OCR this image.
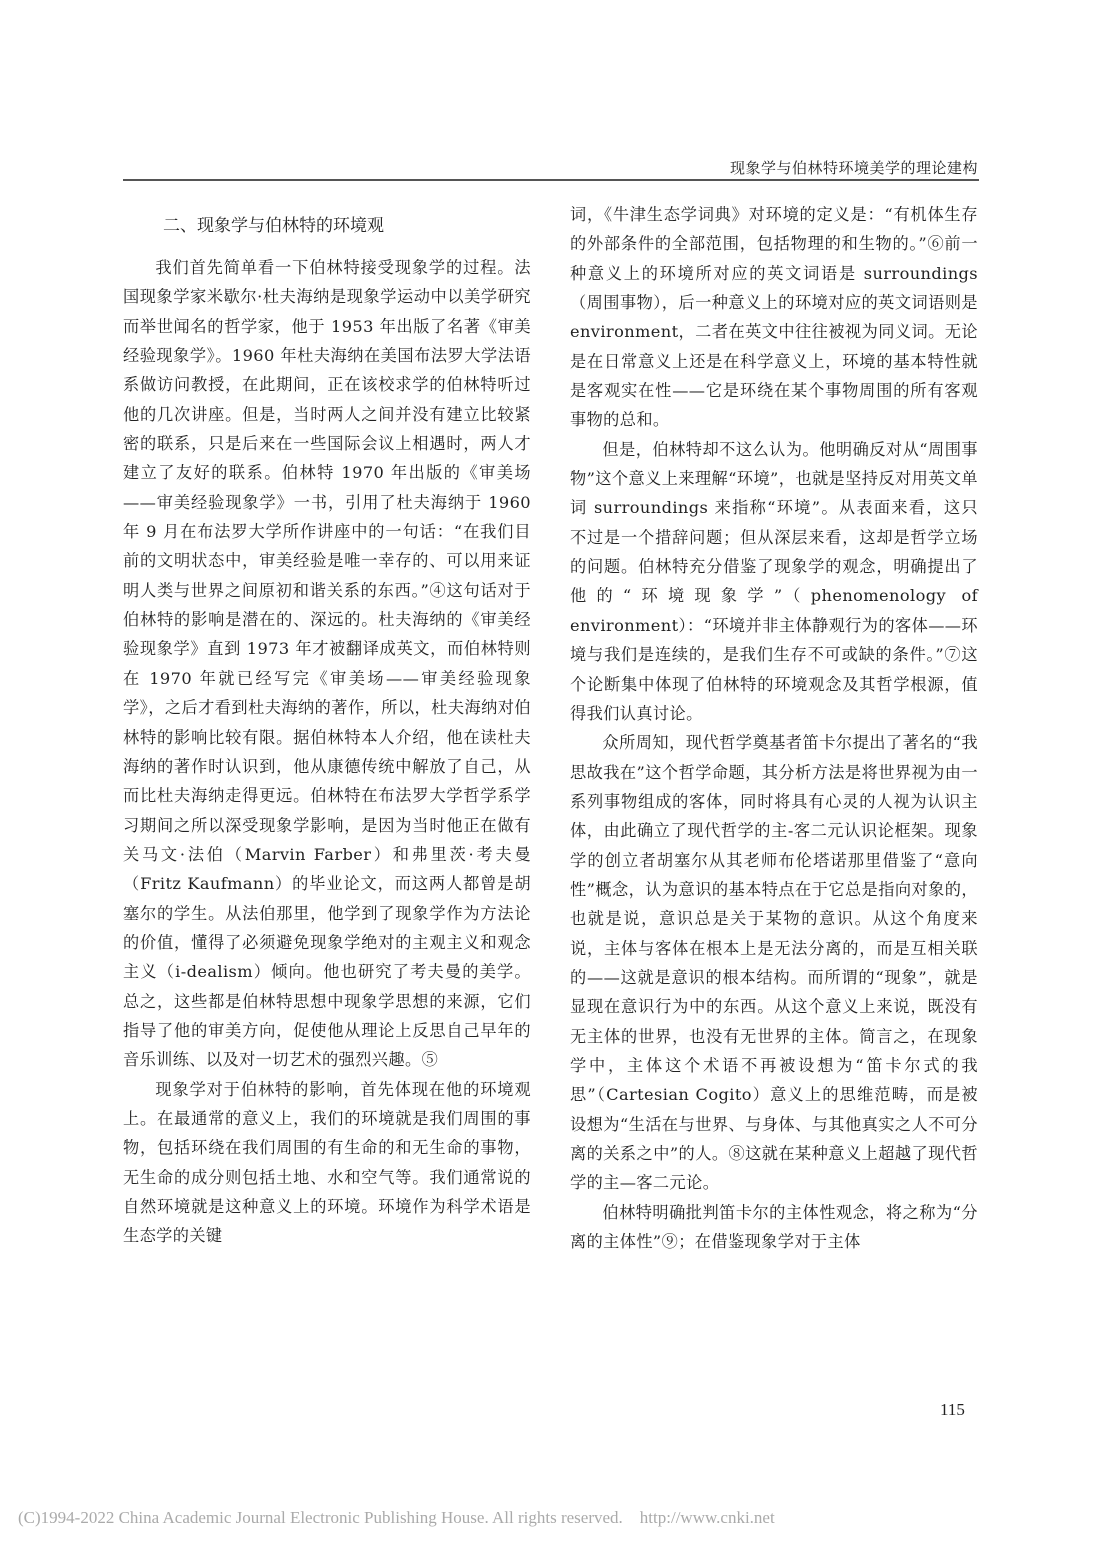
现象学与伯林特环境美学的理论建构
二、现象学与伯林特的环境观

我们首先简单看一下伯林特接受现象学的过程。法国现象学家米歇尔·杜夫海纳是现象学运动中以美学研究而举世闻名的哲学家，他于 1953 年出版了名著《审美经验现象学》。1960 年杜夫海纳在美国布法罗大学法语系做访问教授，在此期间，正在该校求学的伯林特听过他的几次讲座。但是，当时两人之间并没有建立比较紧密的联系，只是后来在一些国际会议上相遇时，两人才建立了友好的联系。伯林特 1970 年出版的《审美场——审美经验现象学》一书，引用了杜夫海纳于 1960 年 9 月在布法罗大学所作讲座中的一句话：“在我们目前的文明状态中，审美经验是唯一幸存的、可以用来证明人类与世界之间原初和谐关系的东西。”④这句话对于伯林特的影响是潜在的、深远的。杜夫海纳的《审美经验现象学》直到 1973 年才被翻译成英文，而伯林特则在 1970 年就已经写完《审美场——审美经验现象学》，之后才看到杜夫海纳的著作，所以，杜夫海纳对伯林特的影响比较有限。据伯林特本人介绍，他在读杜夫海纳的著作时认识到，他从康德传统中解放了自己，从而比杜夫海纳走得更远。伯林特在布法罗大学哲学系学习期间之所以深受现象学影响，是因为当时他正在做有关马文·法伯（Marvin Farber）和弗里茨·考夫曼（Fritz Kaufmann）的毕业论文，而这两人都曾是胡塞尔的学生。从法伯那里，他学到了现象学作为方法论的价值，懂得了必须避免现象学绝对的主观主义和观念主义（i-dealism）倾向。他也研究了考夫曼的美学。总之，这些都是伯林特思想中现象学思想的来源，它们指导了他的审美方向，促使他从理论上反思自己早年的音乐训练、以及对一切艺术的强烈兴趣。⑤

现象学对于伯林特的影响，首先体现在他的环境观上。在最通常的意义上，我们的环境就是我们周围的事物，包括环绕在我们周围的有生命的和无生命的事物，无生命的成分则包括土地、水和空气等。我们通常说的自然环境就是这种意义上的环境。环境作为科学术语是生态学的关键

词，《牛津生态学词典》对环境的定义是：“有机体生存的外部条件的全部范围，包括物理的和生物的。”⑥前一种意义上的环境所对应的英文词语是 surroundings（周围事物），后一种意义上的环境对应的英文词语则是 environment，二者在英文中往往被视为同义词。无论是在日常意义上还是在科学意义上，环境的基本特性就是客观实在性——它是环绕在某个事物周围的所有客观事物的总和。

但是，伯林特却不这么认为。他明确反对从“周围事物”这个意义上来理解“环境”，也就是坚持反对用英文单词 surroundings 来指称“环境”。从表面来看，这只不过是一个措辞问题；但从深层来看，这却是哲学立场的问题。伯林特充分借鉴了现象学的观念，明确提出了他的“环境现象学”（phenomenology of environment）：“环境并非主体静观行为的客体——环境与我们是连续的，是我们生存不可或缺的条件。”⑦这个论断集中体现了伯林特的环境观念及其哲学根源，值得我们认真讨论。

众所周知，现代哲学奠基者笛卡尔提出了著名的“我思故我在”这个哲学命题，其分析方法是将世界视为由一系列事物组成的客体，同时将具有心灵的人视为认识主体，由此确立了现代哲学的主-客二元认识论框架。现象学的创立者胡塞尔从其老师布伦塔诺那里借鉴了“意向性”概念，认为意识的基本特点在于它总是指向对象的，也就是说，意识总是关于某物的意识。从这个角度来说，主体与客体在根本上是无法分离的，而是互相关联的——这就是意识的根本结构。而所谓的“现象”，就是显现在意识行为中的东西。从这个意义上来说，既没有无主体的世界，也没有无世界的主体。简言之，在现象学中，主体这个术语不再被设想为“笛卡尔式的我思”（Cartesian Cogito）意义上的思维范畴，而是被设想为“生活在与世界、与身体、与其他真实之人不可分离的关系之中”的人。⑧这就在某种意义上超越了现代哲学的主—客二元论。

伯林特明确批判笛卡尔的主体性观念，将之称为“分离的主体性”⑨；在借鉴现象学对于主体

115
(C)1994-2022 China Academic Journal Electronic Publishing House. All rights reserved.    http://www.cnki.net
